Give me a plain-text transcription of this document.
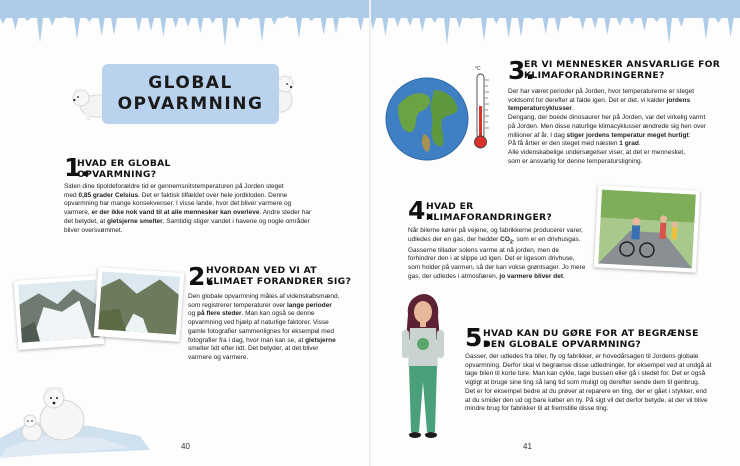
GLOBAL
OPVARMNING
1.
HVAD ER GLOBAL
OPVARMNING?
Siden dine tipoldeforældre tid er gennemsnitstemperaturen på Jorden steget
med 0,85 grader Celsius. Det er faktisk tilfældet over hele jordkloden. Denne
opvarmning har mange konsekvenser. I visse lande, hvor det bliver varmere og
varmere, er der ikke nok vand til at alle mennesker kan overleve. Andre steder har
det betydet, at gletsjerne smelter. Samtidig stiger vandet i havene og nogle områder
bliver oversvømmet.
2.
HVORDAN VED VI AT
KLIMAET FORANDRER SIG?
Den globale opvarmning måles af videnskabsmænd,
som registrerer temperaturer over lange perioder
og på flere steder. Man kan også se denne
opvarmning ved hjælp af naturlige faktorer. Visse
gamle fotografier sammenlignes for eksempel med
fotografier fra i dag, hvor man kan se, at gletsjerne
smelter lidt efter lidt. Det betyder, at det bliver
varmere og varmere.
40
°C 3.
ER VI MENNESKER ANSVARLIGE FOR
KLIMAFORANDRINGERNE?
Der har været perioder på Jorden, hvor temperaturerne er steget
voldsomt for derefter at falde igen. Det er det, vi kalder jordens
temperaturcyklusser.
Dengang, der boede dinosaurer her på Jorden, var det virkelig varmt
på Jorden. Men disse naturlige klimacyklusser ændrede sig hen over
millioner af år. I dag stiger jordens temperatur meget hurtigt:
På få årtier er den steget med næsten 1 grad.
Alle videnskabelige undersøgelser viser, at det er mennesket,
som er ansvarlig for denne temperaturstigning.
4.
HVAD ER
KLIMAFORANDRINGER?
Når bilerne kører på vejene, og fabrikkerne producerer varer,
udledes der en gas, der hedder $CO_2$, som er en drivhusgas.
Gasserne tillader solens varme at nå jorden, men de
forhindrer den i at slippe ud igen. Det er ligesom drivhuse,
som holder på varmen, så der kan vokse grøntsager. Jo mere
gas, der udledes i atmosfæren, jo varmere bliver det.
5.
HVAD KAN DU GØRE FOR AT BEGRÆNSE
DEN GLOBALE OPVARMNING?
Gasser, der udledes fra biler, fly og fabrikker, er hovedårsagen til Jordens globale
opvarmning. Derfor skal vi begrænse disse udledninger, for eksempel ved at undgå at
tage bilen til korte ture. Man kan cykle, tage bussen eller gå i stedet for. Det er også
vigtigt at bruge sine ting så lang tid som muligt og derefter sende dem til genbrug.
Det er for eksempel bedre at du prøver at reparere en ting, der er gået i stykker, end
at du smider den ud og bare køber en ny. På sigt vil det derfor betyde, at der vil blive
mindre brug for fabrikker til at fremstille disse ting.
41
